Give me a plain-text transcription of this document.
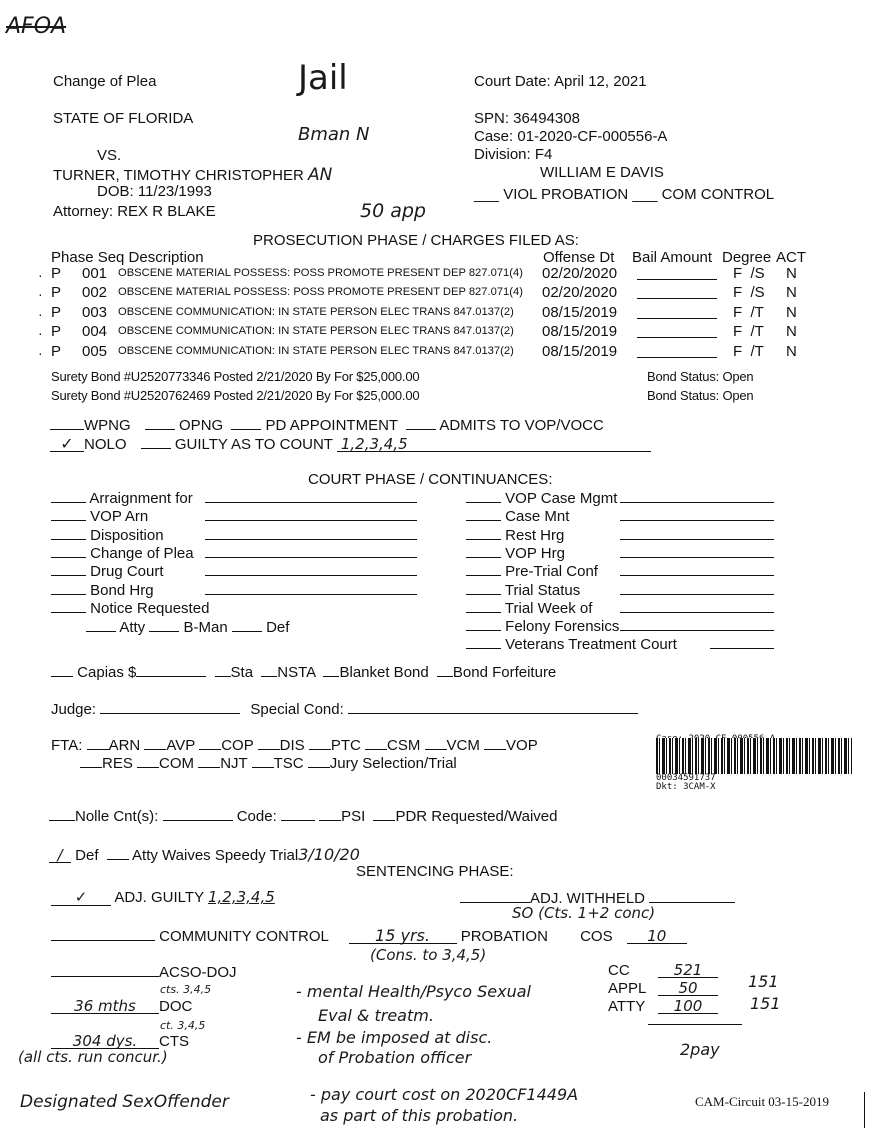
AFOA
Jail
Bman N
50 app
Change of Plea
STATE OF FLORIDA
VS.
TURNER, TIMOTHY CHRISTOPHER AN
DOB: 11/23/1993
Attorney: REX R BLAKE
Court Date: April 12, 2021
SPN: 36494308
Case: 01-2020-CF-000556-A
Division: F4
WILLIAM E DAVIS
___ VIOL PROBATION ___ COM CONTROL
PROSECUTION PHASE / CHARGES FILED AS:
Phase Seq Description	Offense Dt Bail Amount Degree ACT
· P 001 OBSCENE MATERIAL POSSESS: POSS PROMOTE PRESENT DEP 827.071(4) 02/20/2020	F  /S N
· P 002 OBSCENE MATERIAL POSSESS: POSS PROMOTE PRESENT DEP 827.071(4) 02/20/2020	F  /S N
· P 003 OBSCENE COMMUNICATION: IN STATE PERSON ELEC TRANS 847.0137(2) 08/15/2019	F  /T N
· P 004 OBSCENE COMMUNICATION: IN STATE PERSON ELEC TRANS 847.0137(2) 08/15/2019	F  /T N
· P 005 OBSCENE COMMUNICATION: IN STATE PERSON ELEC TRANS 847.0137(2) 08/15/2019	F  /T N
Surety Bond #U2520773346 Posted 2/21/2020 By For $25,000.00	Bond Status: Open
Surety Bond #U2520762469 Posted 2/21/2020 By For $25,000.00	Bond Status: Open
WPNG	OPNG	PD APPOINTMENT	ADMITS TO VOP/VOCC
✓ NOLO	GUILTY AS TO COUNT 1,2,3,4,5
COURT PHASE / CONTINUANCES:
Arraignment for
VOP Arn
Disposition
Change of Plea
Drug Court
Bond Hrg
Notice Requested
VOP Case Mgmt
Case Mnt
Rest Hrg
VOP Hrg
Pre-Trial Conf
Trial Status
Trial Week of
Felony Forensics
Veterans Treatment Court
Atty	B-Man	Def
Capias $	Sta NSTA Blanket Bond Bond Forfeiture
Judge:	Special Cond:
FTA: ARN AVP COP DIS PTC CSM VCM VOP
RES COM NJT TSC Jury Selection/Trial
00034591737
Dkt: 3CAM-X
Nolle Cnt(s):	Code:	PSI PDR Requested/Waived
/ Def Atty Waives Speedy Trial3/10/20
SENTENCING PHASE:
✓ ADJ. GUILTY 1,2,3,4,5	ADJ. WITHHELD
SO (Cts. 1+2 conc)
COMMUNITY CONTROL	15 yrs. PROBATION COS 10
(Cons. to 3,4,5)
ACSO-DOJ
cts. 3,4,5
36 mths DOC
ct. 3,4,5
304 dys. CTS
(all cts. run concur.)
- mental Health/Psyco Sexual
Eval & treatm.
- EM be imposed at disc.
of Probation officer
CC	521
APPL 50
ATTY 100
151
151
2pay
Designated SexOffender	- pay court cost on 2020CF1449A
as part of this probation.
CAM-Circuit 03-15-2019
